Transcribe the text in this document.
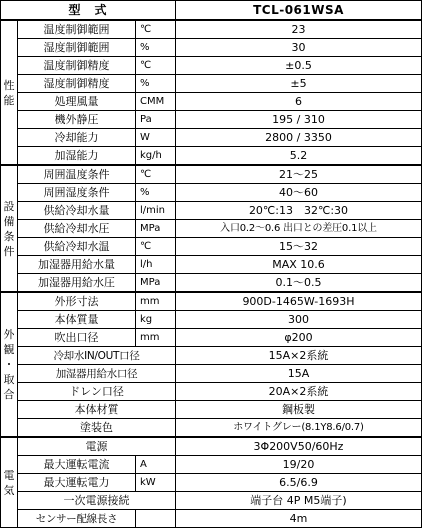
型　式			TCL-061WSA

性
能	温度制御範囲	℃	23
	湿度制御範囲	%	30
	温度制御精度	℃	±0.5
	湿度制御精度	%	±5
	処理風量	CMM	6
	機外静圧	Pa	195 / 310
	冷却能力	W	2800 / 3350
	加湿能力	kg/h	5.2

設
備
条
件	周囲温度条件	℃	21～25
	周囲湿度条件	%	40～60
	供給冷却水量	l/min	20℃:13　32℃:30
	供給冷却水圧	MPa	入口0.2～0.6 出口との差圧0.1以上
	供給冷却水温	℃	15～32
	加湿器用給水量	l/h	MAX 10.6
	加湿器用給水圧	MPa	0.1～0.5

外
観
・
取
合	外形寸法	mm	900D-1465W-1693H
	本体質量	kg	300
	吹出口径	mm	φ200
	冷却水IN/OUT口径		15A×2系統
	加湿器用給水口径		15A
	ドレン口径		20A×2系統
	本体材質		鋼板製
	塗装色		ホワイトグレー(8.1Y8.6/0.7)

電
気	電源		3Φ200V50/60Hz
	最大運転電流	A	19/20
	最大運転電力	kW	6.5/6.9
	一次電源接続		端子台 4P M5端子)
	センサー配線長さ		4m
